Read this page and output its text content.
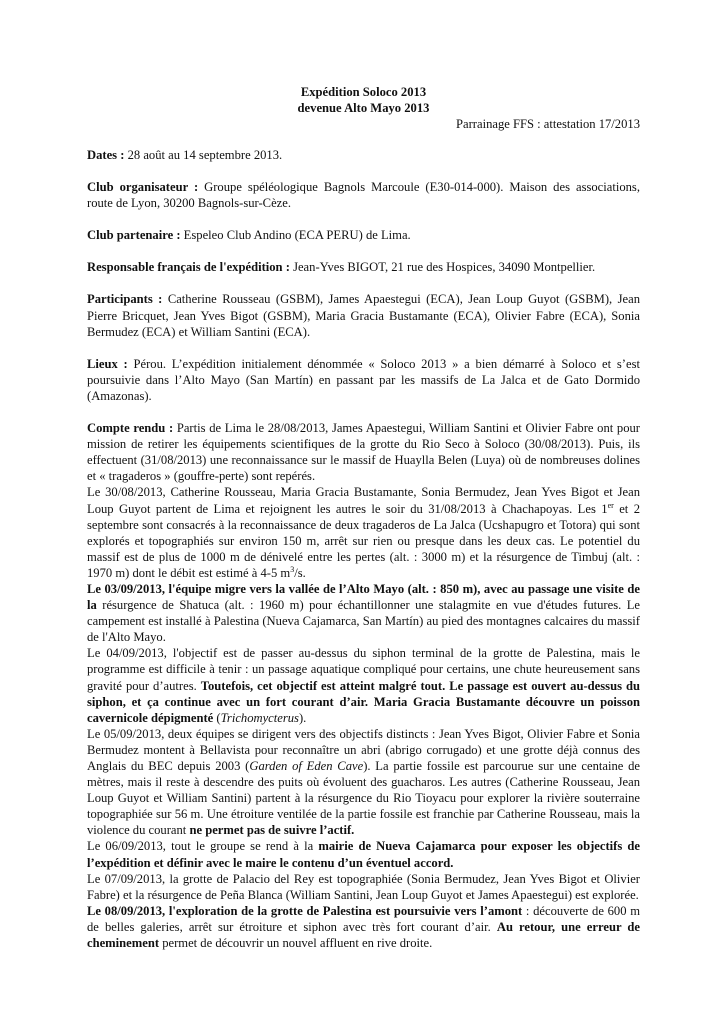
Expédition Soloco 2013
devenue Alto Mayo 2013
Parrainage FFS : attestation 17/2013

Dates : 28 août au 14 septembre 2013.

Club organisateur : Groupe spéléologique Bagnols Marcoule (E30-014-000). Maison des associations, route de Lyon, 30200 Bagnols-sur-Cèze.

Club partenaire : Espeleo Club Andino (ECA PERU) de Lima.

Responsable français de l'expédition : Jean-Yves BIGOT, 21 rue des Hospices, 34090 Montpellier.

Participants : Catherine Rousseau (GSBM), James Apaestegui (ECA), Jean Loup Guyot (GSBM), Jean Pierre Bricquet, Jean Yves Bigot (GSBM), Maria Gracia Bustamante (ECA), Olivier Fabre (ECA), Sonia Bermudez (ECA) et William Santini (ECA).

Lieux : Pérou. L’expédition initialement dénommée « Soloco 2013 » a bien démarré à Soloco et s’est poursuivie dans l’Alto Mayo (San Martín) en passant par les massifs de La Jalca et de Gato Dormido (Amazonas).

Compte rendu : Partis de Lima le 28/08/2013, James Apaestegui, William Santini et Olivier Fabre ont pour mission de retirer les équipements scientifiques de la grotte du Rio Seco à Soloco (30/08/2013). Puis, ils effectuent (31/08/2013) une reconnaissance sur le massif de Huaylla Belen (Luya) où de nombreuses dolines et « tragaderos » (gouffre-perte) sont repérés.

Le 30/08/2013, Catherine Rousseau, Maria Gracia Bustamante, Sonia Bermudez, Jean Yves Bigot et Jean Loup Guyot partent de Lima et rejoignent les autres le soir du 31/08/2013 à Chachapoyas. Les 1er et 2 septembre sont consacrés à la reconnaissance de deux tragaderos de La Jalca (Ucshapugro et Totora) qui sont explorés et topographiés sur environ 150 m, arrêt sur rien ou presque dans les deux cas. Le potentiel du massif est de plus de 1000 m de dénivelé entre les pertes (alt. : 3000 m) et la résurgence de Timbuj (alt. : 1970 m) dont le débit est estimé à 4-5 $m^3/s$.

Le 03/09/2013, l'équipe migre vers la vallée de l’Alto Mayo (alt. : 850 m), avec au passage une visite de la résurgence de Shatuca (alt. : 1960 m) pour échantillonner une stalagmite en vue d'études futures. Le campement est installé à Palestina (Nueva Cajamarca, San Martín) au pied des montagnes calcaires du massif de l'Alto Mayo.

Le 04/09/2013, l'objectif est de passer au-dessus du siphon terminal de la grotte de Palestina, mais le programme est difficile à tenir : un passage aquatique compliqué pour certains, une chute heureusement sans gravité pour d’autres. Toutefois, cet objectif est atteint malgré tout. Le passage est ouvert au-dessus du siphon, et ça continue avec un fort courant d’air. Maria Gracia Bustamante découvre un poisson cavernicole dépigmenté (Trichomycterus).

Le 05/09/2013, deux équipes se dirigent vers des objectifs distincts : Jean Yves Bigot, Olivier Fabre et Sonia Bermudez montent à Bellavista pour reconnaître un abri (abrigo corrugado) et une grotte déjà connus des Anglais du BEC depuis 2003 (Garden of Eden Cave). La partie fossile est parcourue sur une centaine de mètres, mais il reste à descendre des puits où évoluent des guacharos. Les autres (Catherine Rousseau, Jean Loup Guyot et William Santini) partent à la résurgence du Rio Tioyacu pour explorer la rivière souterraine topographiée sur 56 m. Une étroiture ventilée de la partie fossile est franchie par Catherine Rousseau, mais la violence du courant ne permet pas de suivre l’actif.

Le 06/09/2013, tout le groupe se rend à la mairie de Nueva Cajamarca pour exposer les objectifs de l’expédition et définir avec le maire le contenu d’un éventuel accord.

Le 07/09/2013, la grotte de Palacio del Rey est topographiée (Sonia Bermudez, Jean Yves Bigot et Olivier Fabre) et la résurgence de Peña Blanca (William Santini, Jean Loup Guyot et James Apaestegui) est explorée.

Le 08/09/2013, l'exploration de la grotte de Palestina est poursuivie vers l’amont : découverte de 600 m de belles galeries, arrêt sur étroiture et siphon avec très fort courant d’air. Au retour, une erreur de cheminement permet de découvrir un nouvel affluent en rive droite.
